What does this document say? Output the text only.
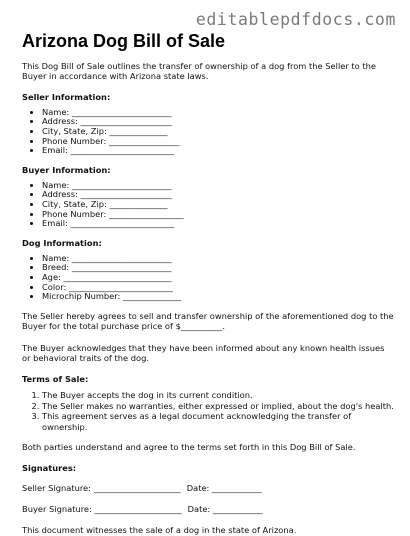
editablepdfdocs.com
Arizona Dog Bill of Sale

This Dog Bill of Sale outlines the transfer of ownership of a dog from the Seller to the Buyer in accordance with Arizona state laws.

Seller Information:
• Name: ________________________
• Address: ______________________
• City, State, Zip: ______________
• Phone Number: _________________
• Email: _________________________
Buyer Information:
• Name: ________________________
• Address: ______________________
• City, State, Zip: ______________
• Phone Number: __________________
• Email: _________________________
Dog Information:
• Name: ________________________
• Breed: ________________________
• Age: __________________________
• Color: _________________________
• Microchip Number: ______________

The Seller hereby agrees to sell and transfer ownership of the aforementioned dog to the Buyer for the total purchase price of $__________.

The Buyer acknowledges that they have been informed about any known health issues or behavioral traits of the dog.

Terms of Sale:
1. The Buyer accepts the dog in its current condition.
2. The Seller makes no warranties, either expressed or implied, about the dog's health.
3. This agreement serves as a legal document acknowledging the transfer of ownership.

Both parties understand and agree to the terms set forth in this Dog Bill of Sale.

Signatures:
Seller Signature: _____________________ Date: ____________
Buyer Signature: _____________________ Date: ____________

This document witnesses the sale of a dog in the state of Arizona.
